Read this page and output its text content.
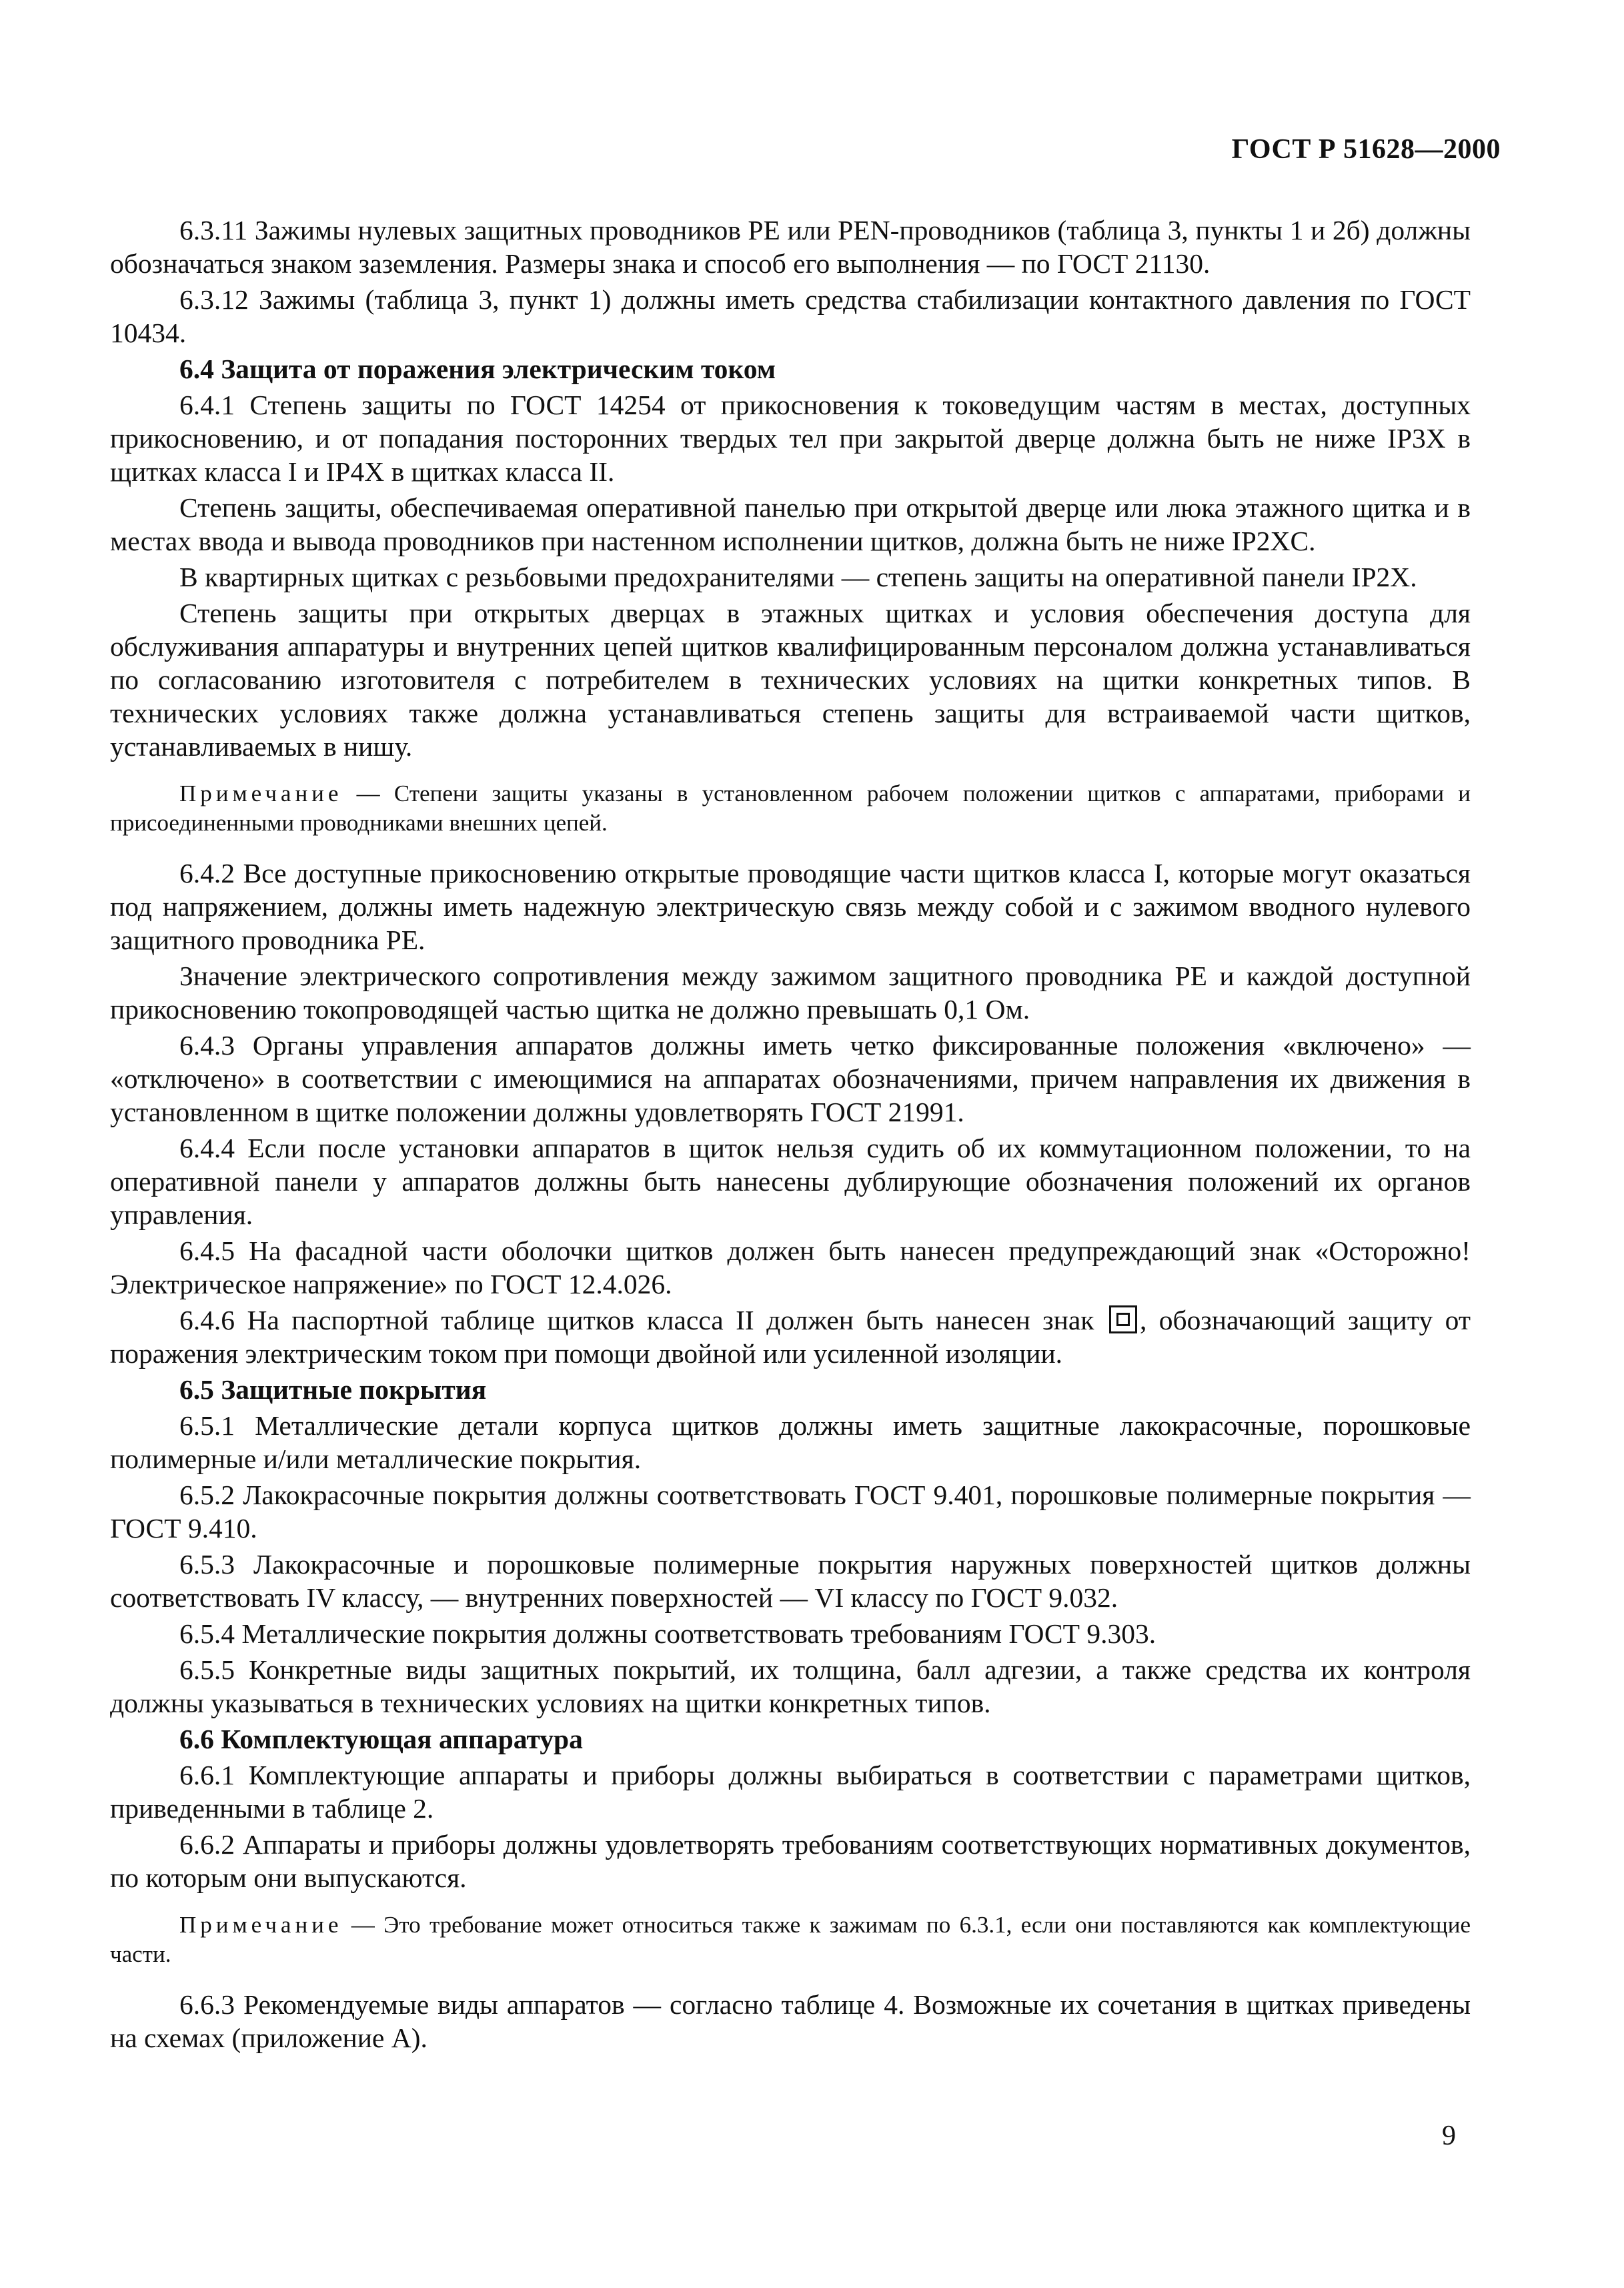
ГОСТ Р 51628—2000

6.3.11 Зажимы нулевых защитных проводников PE или PEN-проводников (таблица 3, пункты 1 и 2б) должны обозначаться знаком заземления. Размеры знака и способ его выполнения — по ГОСТ 21130.

6.3.12 Зажимы (таблица 3, пункт 1) должны иметь средства стабилизации контактного давления по ГОСТ 10434.

6.4 Защита от поражения электрическим током

6.4.1 Степень защиты по ГОСТ 14254 от прикосновения к токоведущим частям в местах, доступных прикосновению, и от попадания посторонних твердых тел при закрытой дверце должна быть не ниже IP3X в щитках класса I и IP4X в щитках класса II.

Степень защиты, обеспечиваемая оперативной панелью при открытой дверце или люка этажного щитка и в местах ввода и вывода проводников при настенном исполнении щитков, должна быть не ниже IP2XC.

В квартирных щитках с резьбовыми предохранителями — степень защиты на оперативной панели IP2X.

Степень защиты при открытых дверцах в этажных щитках и условия обеспечения доступа для обслуживания аппаратуры и внутренних цепей щитков квалифицированным персоналом должна устанавливаться по согласованию изготовителя с потребителем в технических условиях на щитки конкретных типов. В технических условиях также должна устанавливаться степень защиты для встраиваемой части щитков, устанавливаемых в нишу.

Примечание — Степени защиты указаны в установленном рабочем положении щитков с аппаратами, приборами и присоединенными проводниками внешних цепей.

6.4.2 Все доступные прикосновению открытые проводящие части щитков класса I, которые могут оказаться под напряжением, должны иметь надежную электрическую связь между собой и с зажимом вводного нулевого защитного проводника PE.

Значение электрического сопротивления между зажимом защитного проводника PE и каждой доступной прикосновению токопроводящей частью щитка не должно превышать 0,1 Ом.

6.4.3 Органы управления аппаратов должны иметь четко фиксированные положения «включено» — «отключено» в соответствии с имеющимися на аппаратах обозначениями, причем направления их движения в установленном в щитке положении должны удовлетворять ГОСТ 21991.

6.4.4 Если после установки аппаратов в щиток нельзя судить об их коммутационном положении, то на оперативной панели у аппаратов должны быть нанесены дублирующие обозначения положений их органов управления.

6.4.5 На фасадной части оболочки щитков должен быть нанесен предупреждающий знак «Осторожно! Электрическое напряжение» по ГОСТ 12.4.026.

6.4.6 На паспортной таблице щитков класса II должен быть нанесен знак , обозначающий защиту от поражения электрическим током при помощи двойной или усиленной изоляции.

6.5 Защитные покрытия

6.5.1 Металлические детали корпуса щитков должны иметь защитные лакокрасочные, порошковые полимерные и/или металлические покрытия.

6.5.2 Лакокрасочные покрытия должны соответствовать ГОСТ 9.401, порошковые полимерные покрытия — ГОСТ 9.410.

6.5.3 Лакокрасочные и порошковые полимерные покрытия наружных поверхностей щитков должны соответствовать IV классу, — внутренних поверхностей — VI классу по ГОСТ 9.032.

6.5.4 Металлические покрытия должны соответствовать требованиям ГОСТ 9.303.

6.5.5 Конкретные виды защитных покрытий, их толщина, балл адгезии, а также средства их контроля должны указываться в технических условиях на щитки конкретных типов.

6.6 Комплектующая аппаратура

6.6.1 Комплектующие аппараты и приборы должны выбираться в соответствии с параметрами щитков, приведенными в таблице 2.

6.6.2 Аппараты и приборы должны удовлетворять требованиям соответствующих нормативных документов, по которым они выпускаются.

Примечание — Это требование может относиться также к зажимам по 6.3.1, если они поставляются как комплектующие части.

6.6.3 Рекомендуемые виды аппаратов — согласно таблице 4. Возможные их сочетания в щитках приведены на схемах (приложение А).

9
